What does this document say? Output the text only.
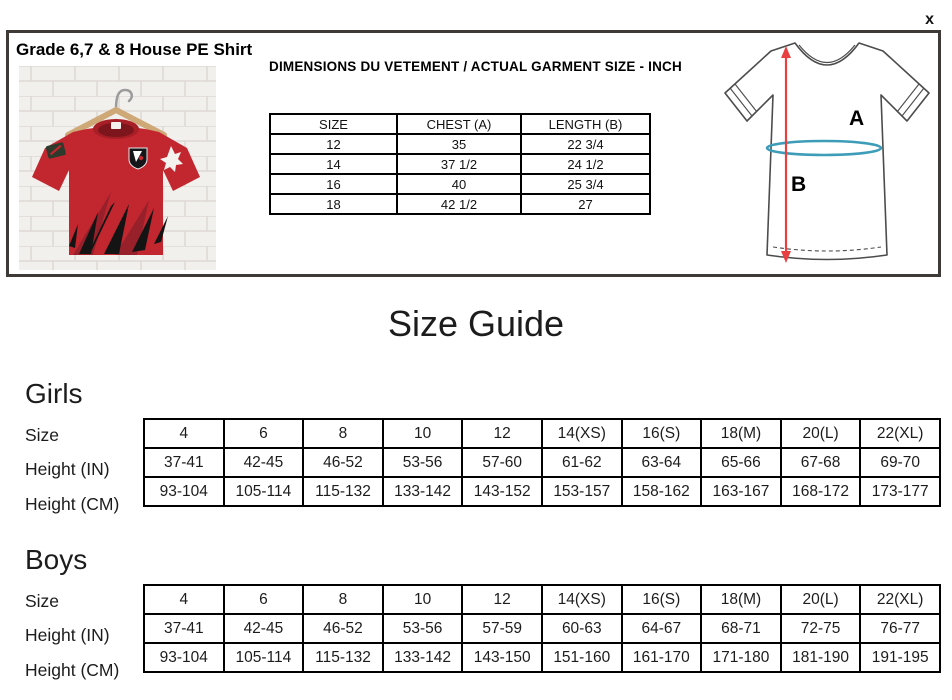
x
Grade 6,7 & 8 House PE Shirt
DIMENSIONS DU VETEMENT / ACTUAL GARMENT SIZE - INCH
SIZE	CHEST (A)	LENGTH (B)
12	35	22 3/4
14	37 1/2	24 1/2
16	40	25 3/4
18	42 1/2	27
A
B
Size Guide
Girls
Size
Height (IN)
Height (CM)
4	6	8	10	12	14(XS)	16(S)	18(M)	20(L)	22(XL)
37-41	42-45	46-52	53-56	57-60	61-62	63-64	65-66	67-68	69-70
93-104	105-114	115-132	133-142	143-152	153-157	158-162	163-167	168-172	173-177
Boys
Size
Height (IN)
Height (CM)
4	6	8	10	12	14(XS)	16(S)	18(M)	20(L)	22(XL)
37-41	42-45	46-52	53-56	57-59	60-63	64-67	68-71	72-75	76-77
93-104	105-114	115-132	133-142	143-150	151-160	161-170	171-180	181-190	191-195
